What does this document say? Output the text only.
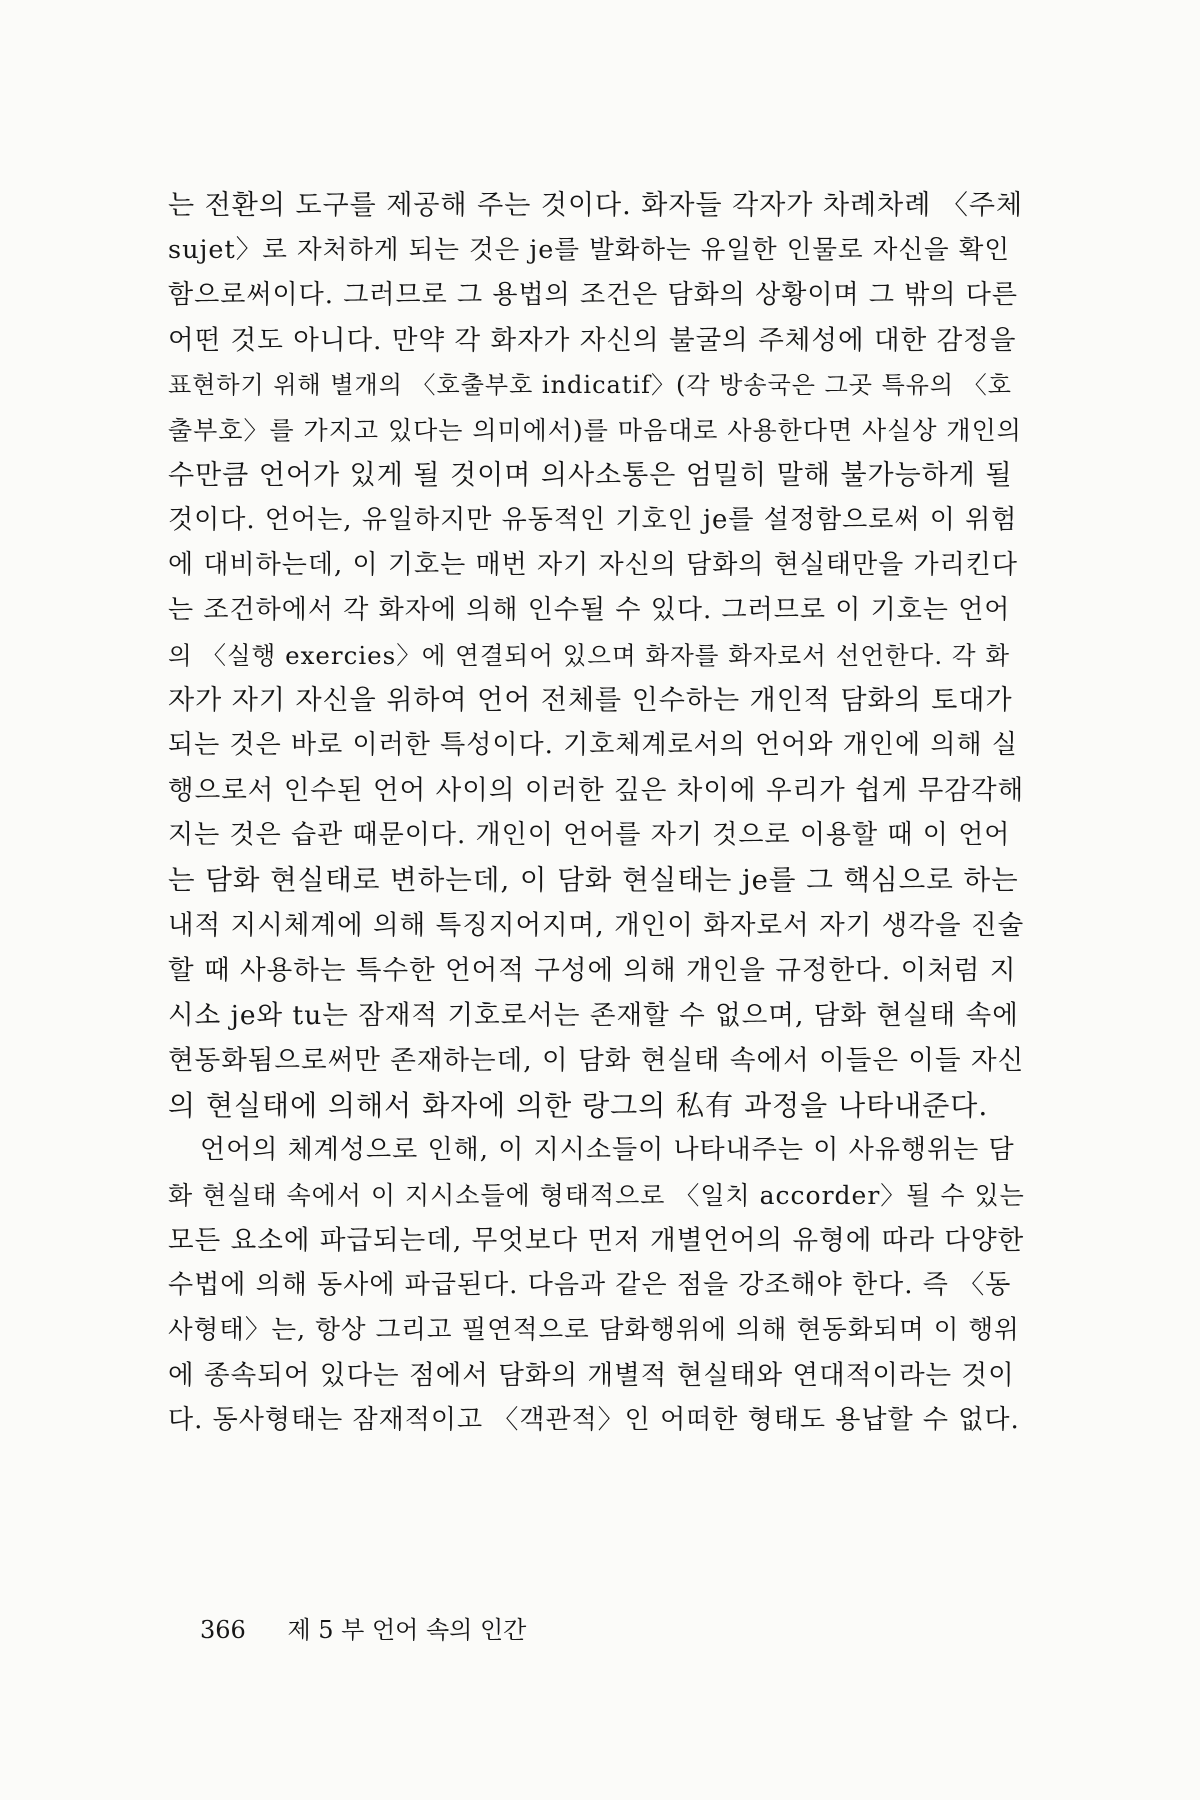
는 전환의 도구를 제공해 주는 것이다. 화자들 각자가 차례차례 〈주체
sujet〉로 자처하게 되는 것은 je를 발화하는 유일한 인물로 자신을 확인
함으로써이다. 그러므로 그 용법의 조건은 담화의 상황이며 그 밖의 다른
어떤 것도 아니다. 만약 각 화자가 자신의 불굴의 주체성에 대한 감정을
표현하기 위해 별개의 〈호출부호 indicatif〉(각 방송국은 그곳 특유의 〈호
출부호〉를 가지고 있다는 의미에서)를 마음대로 사용한다면 사실상 개인의
수만큼 언어가 있게 될 것이며 의사소통은 엄밀히 말해 불가능하게 될
것이다. 언어는, 유일하지만 유동적인 기호인 je를 설정함으로써 이 위험
에 대비하는데, 이 기호는 매번 자기 자신의 담화의 현실태만을 가리킨다
는 조건하에서 각 화자에 의해 인수될 수 있다. 그러므로 이 기호는 언어
의 〈실행 exercies〉에 연결되어 있으며 화자를 화자로서 선언한다. 각 화
자가 자기 자신을 위하여 언어 전체를 인수하는 개인적 담화의 토대가
되는 것은 바로 이러한 특성이다. 기호체계로서의 언어와 개인에 의해 실
행으로서 인수된 언어 사이의 이러한 깊은 차이에 우리가 쉽게 무감각해
지는 것은 습관 때문이다. 개인이 언어를 자기 것으로 이용할 때 이 언어
는 담화 현실태로 변하는데, 이 담화 현실태는 je를 그 핵심으로 하는
내적 지시체계에 의해 특징지어지며, 개인이 화자로서 자기 생각을 진술
할 때 사용하는 특수한 언어적 구성에 의해 개인을 규정한다. 이처럼 지
시소 je와 tu는 잠재적 기호로서는 존재할 수 없으며, 담화 현실태 속에
현동화됨으로써만 존재하는데, 이 담화 현실태 속에서 이들은 이들 자신
의 현실태에 의해서 화자에 의한 랑그의 私有 과정을 나타내준다.
언어의 체계성으로 인해, 이 지시소들이 나타내주는 이 사유행위는 담
화 현실태 속에서 이 지시소들에 형태적으로 〈일치 accorder〉될 수 있는
모든 요소에 파급되는데, 무엇보다 먼저 개별언어의 유형에 따라 다양한
수법에 의해 동사에 파급된다. 다음과 같은 점을 강조해야 한다. 즉 〈동
사형태〉는, 항상 그리고 필연적으로 담화행위에 의해 현동화되며 이 행위
에 종속되어 있다는 점에서 담화의 개별적 현실태와 연대적이라는 것이
다. 동사형태는 잠재적이고 〈객관적〉인 어떠한 형태도 용납할 수 없다.
366 제 5 부 언어 속의 인간
